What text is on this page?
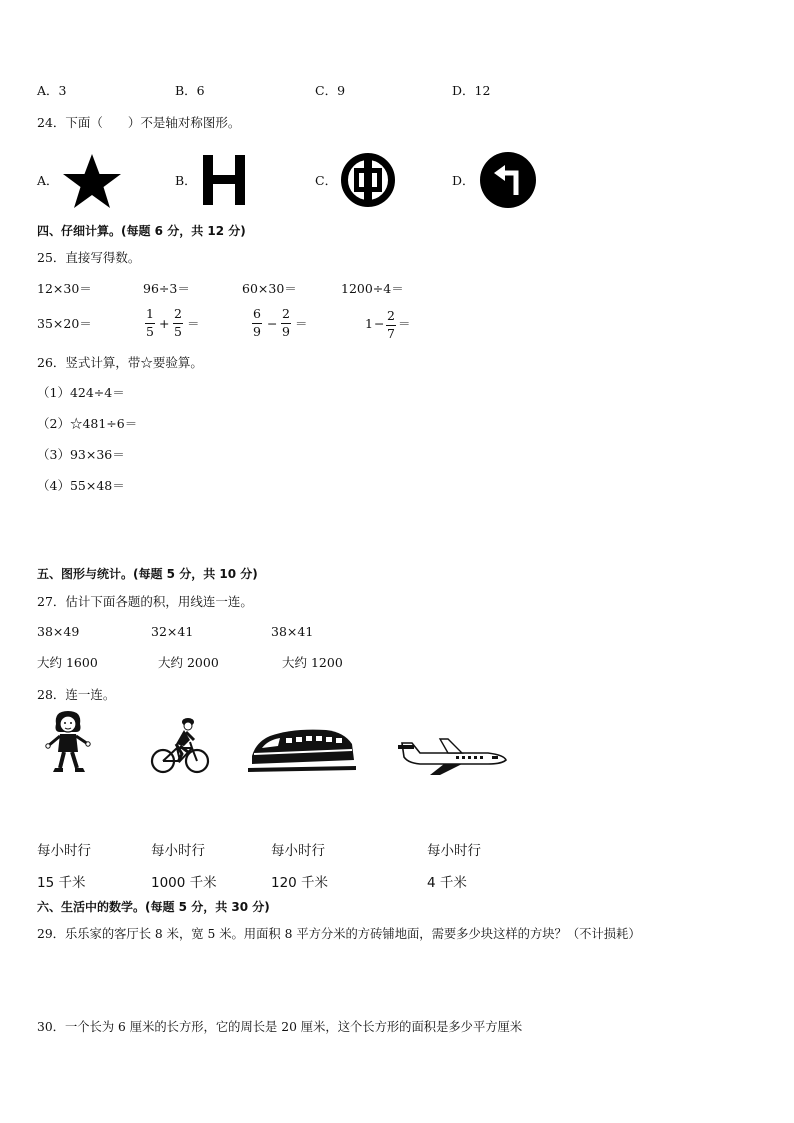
A．3	B．6	C．9	D．12
24．下面（　　）不是轴对称图形。
A．	B．	C．	D．
四、仔细计算。(每题 6 分，共 12 分)
25．直接写得数。
12×30＝	96÷3＝	60×30＝	1200÷4＝
35×20＝	$\frac{1}{5} + \frac{2}{5}$ ＝	$\frac{6}{9} - \frac{2}{9}$ ＝	$1 - \frac{2}{7}$ ＝
26．竖式计算，带☆要验算。
（1）424÷4＝
（2）☆481÷6＝
（3）93×36＝
（4）55×48＝
五、图形与统计。(每题 5 分，共 10 分)
27．估计下面各题的积，用线连一连。
38×49	32×41	38×41
大约 1600	大约 2000	大约 1200
28．连一连。
每小时行	每小时行	每小时行	每小时行
15 千米	1000 千米	120 千米	4 千米
六、生活中的数学。(每题 5 分，共 30 分)
29．乐乐家的客厅长 8 米，宽 5 米。用面积 8 平方分米的方砖铺地面，需要多少块这样的方块？（不计损耗）
30．一个长为 6 厘米的长方形，它的周长是 20 厘米，这个长方形的面积是多少平方厘米
